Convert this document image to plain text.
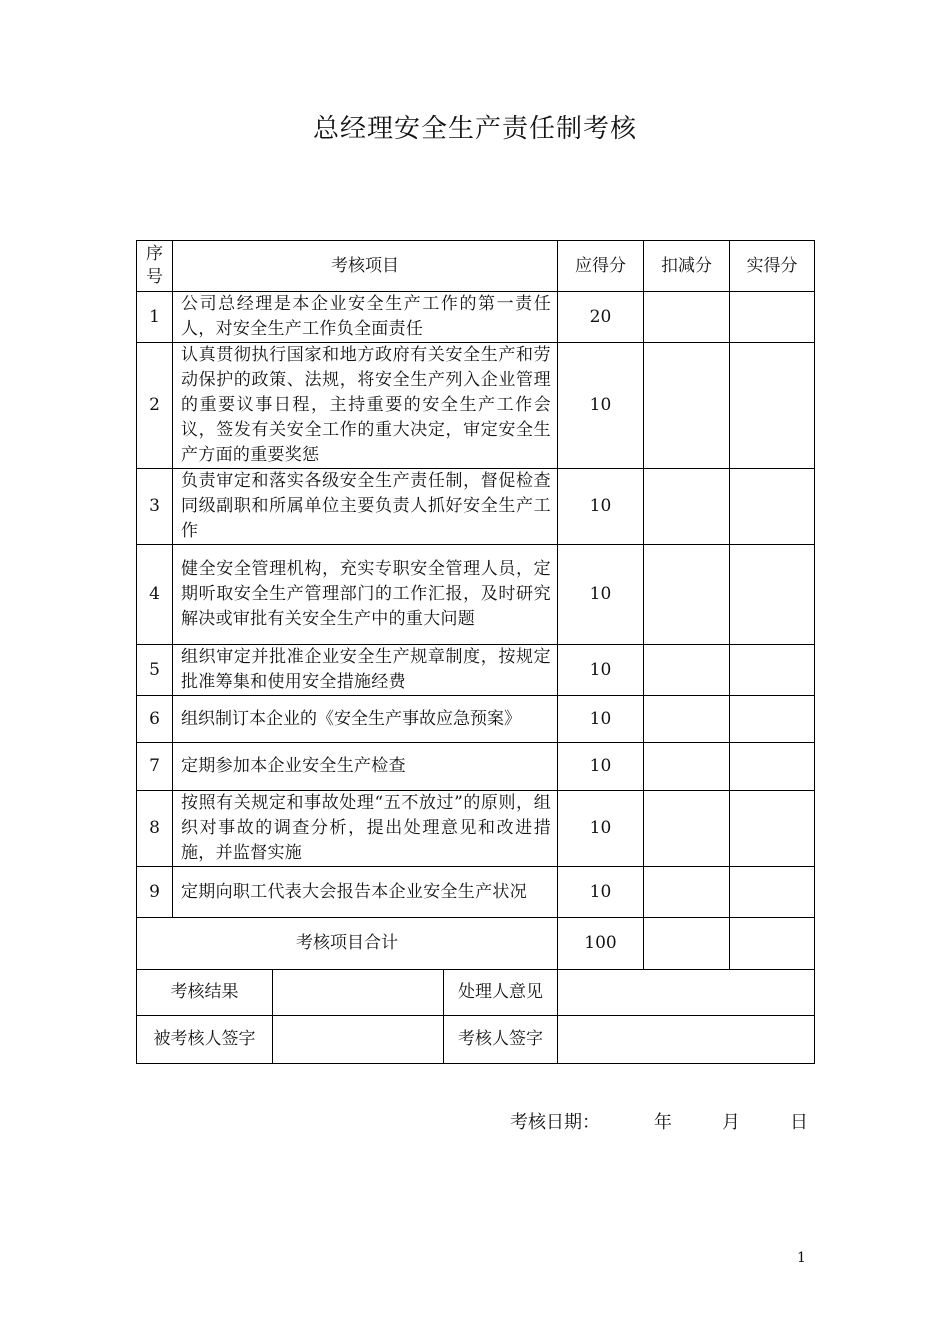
总经理安全生产责任制考核
序号	考核项目			应得分	扣减分	实得分
1	公司总经理是本企业安全生产工作的第一责任人，对安全生产工作负全面责任			20		
2	认真贯彻执行国家和地方政府有关安全生产和劳动保护的政策、法规，将安全生产列入企业管理的重要议事日程，主持重要的安全生产工作会议，签发有关安全工作的重大决定，审定安全生产方面的重要奖惩			10		
3	负责审定和落实各级安全生产责任制，督促检查同级副职和所属单位主要负责人抓好安全生产工作			10		
4	健全安全管理机构，充实专职安全管理人员，定期听取安全生产管理部门的工作汇报，及时研究解决或审批有关安全生产中的重大问题			10		
5	组织审定并批准企业安全生产规章制度，按规定批准筹集和使用安全措施经费			10		
6	组织制订本企业的《安全生产事故应急预案》			10		
7	定期参加本企业安全生产检查			10		
8	按照有关规定和事故处理“五不放过”的原则，组织对事故的调查分析，提出处理意见和改进措施，并监督实施			10		
9	定期向职工代表大会报告本企业安全生产状况			10		
考核项目合计				100		
考核结果			处理人意见			
被考核人签字			考核人签字			
考核日期：	年	月	日
1
